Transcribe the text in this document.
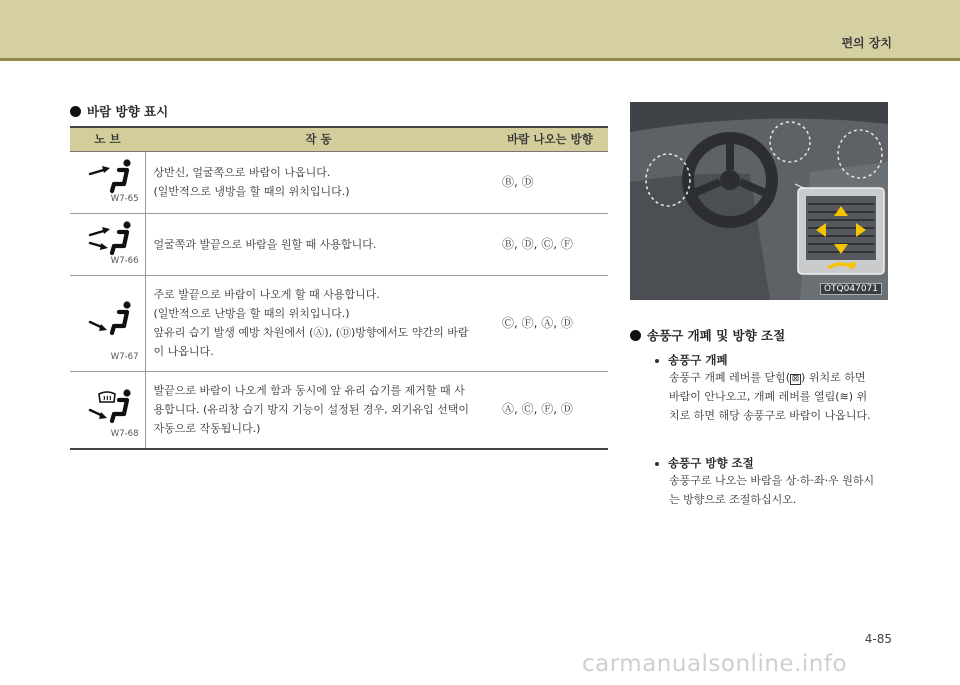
편의 장치
바람 방향 표시
노 브	작 동	바람 나오는 방향

W7-65	상반신, 얼굴쪽으로 바람이 나옵니다.
(일반적으로 냉방을 할 때의 위치입니다.)	Ⓑ, Ⓓ

W7-66	얼굴쪽과 발끝으로 바람을 원할 때 사용합니다.	Ⓑ, Ⓓ, Ⓒ, Ⓕ

W7-67	주로 발끝으로 바람이 나오게 할 때 사용합니다.
(일반적으로 난방을 할 때의 위치입니다.)
앞유리 습기 발생 예방 차원에서 (Ⓐ), (Ⓓ)방향에서도 약간의 바람
이 나옵니다.	Ⓒ, Ⓕ, Ⓐ, Ⓓ

W7-68	발끝으로 바람이 나오게 함과 동시에 앞 유리 습기를 제거할 때 사
용합니다. (유리창 습기 방지 기능이 설정된 경우, 외기유입 선택이
자동으로 작동됩니다.)	Ⓐ, Ⓒ, Ⓕ, Ⓓ
OTQ047071
송풍구 개폐 및 방향 조절
송풍구 개폐
송풍구 개폐 레버를 닫힘( ⊠ ) 위치로 하면
바람이 안나오고, 개폐 레버를 열림(≋) 위
치로 하면 해당 송풍구로 바람이 나옵니다.
송풍구 방향 조절
송풍구로 나오는 바람을 상·하·좌·우 원하시
는 방향으로 조절하십시오.
4-85
carmanualsonline.info
